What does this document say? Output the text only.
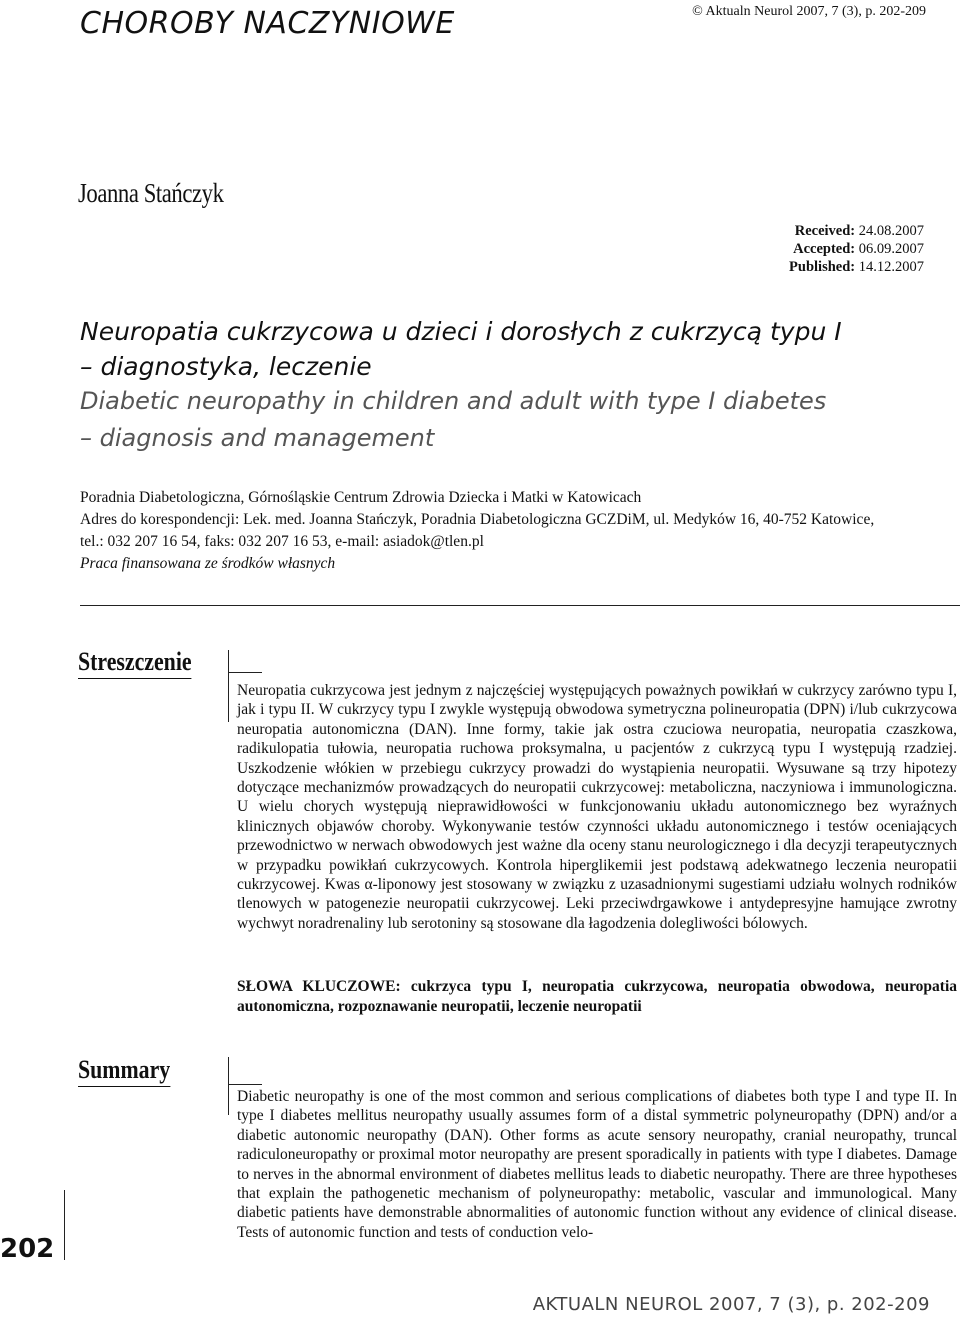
CHOROBY NACZYNIOWE	© Aktualn Neurol 2007, 7 (3), p. 202-209
Joanna Stańczyk
Received: 24.08.2007
Accepted: 06.09.2007
Published: 14.12.2007
Neuropatia cukrzycowa u dzieci i dorosłych z cukrzycą typu I
– diagnostyka, leczenie
Diabetic neuropathy in children and adult with type I diabetes
– diagnosis and management
Poradnia Diabetologiczna, Górnośląskie Centrum Zdrowia Dziecka i Matki w Katowicach
Adres do korespondencji: Lek. med. Joanna Stańczyk, Poradnia Diabetologiczna GCZDiM, ul. Medyków 16, 40-752 Katowice,
tel.: 032 207 16 54, faks: 032 207 16 53, e-mail: asiadok@tlen.pl
Praca finansowana ze środków własnych
Streszczenie

Neuropatia cukrzycowa jest jednym z najczęściej występujących poważnych powikłań w cukrzycy zarówno typu I, jak i typu II. W cukrzycy typu I zwykle występują obwodowa symetryczna polineuropatia (DPN) i/lub cukrzycowa neuropatia autonomiczna (DAN). Inne formy, takie jak ostra czuciowa neuropatia, neuropatia czaszkowa, radikulopatia tułowia, neuropatia ruchowa proksymalna, u pacjentów z cukrzycą typu I występują rzadziej. Uszkodzenie włókien w przebiegu cukrzycy prowadzi do wystąpienia neuropatii. Wysuwane są trzy hipotezy dotyczące mechanizmów prowadzących do neuropatii cukrzycowej: metaboliczna, naczyniowa i immunologiczna. U wielu chorych występują nieprawidłowości w funkcjonowaniu układu autonomicznego bez wyraźnych klinicznych objawów choroby. Wykonywanie testów czynności układu autonomicznego i testów oceniających przewodnictwo w nerwach obwodowych jest ważne dla oceny stanu neurologicznego i dla decyzji terapeutycznych w przypadku powikłań cukrzycowych. Kontrola hiperglikemii jest podstawą adekwatnego leczenia neuropatii cukrzycowej. Kwas α-liponowy jest stosowany w związku z uzasadnionymi sugestiami udziału wolnych rodników tlenowych w patogenezie neuropatii cukrzycowej. Leki przeciwdrgawkowe i antydepresyjne hamujące zwrotny wychwyt noradrenaliny lub serotoniny są stosowane dla łagodzenia dolegliwości bólowych.

SŁOWA KLUCZOWE: cukrzyca typu I, neuropatia cukrzycowa, neuropatia obwodowa, neuropatia autonomiczna, rozpoznawanie neuropatii, leczenie neuropatii

Summary

Diabetic neuropathy is one of the most common and serious complications of diabetes both type I and type II. In type I diabetes mellitus neuropathy usually assumes form of a distal symmetric polyneuropathy (DPN) and/or a diabetic autonomic neuropathy (DAN). Other forms as acute sensory neuropathy, cranial neuropathy, truncal radiculoneuropathy or proximal motor neuropathy are present sporadically in patients with type I diabetes. Damage to nerves in the abnormal environment of diabetes mellitus leads to diabetic neuropathy. There are three hypotheses that explain the pathogenetic mechanism of polyneuropathy: metabolic, vascular and immunological. Many diabetic patients have demonstrable abnormalities of autonomic function without any evidence of clinical disease. Tests of autonomic function and tests of conduction velo-

202
AKTUALN NEUROL 2007, 7 (3), p. 202-209
